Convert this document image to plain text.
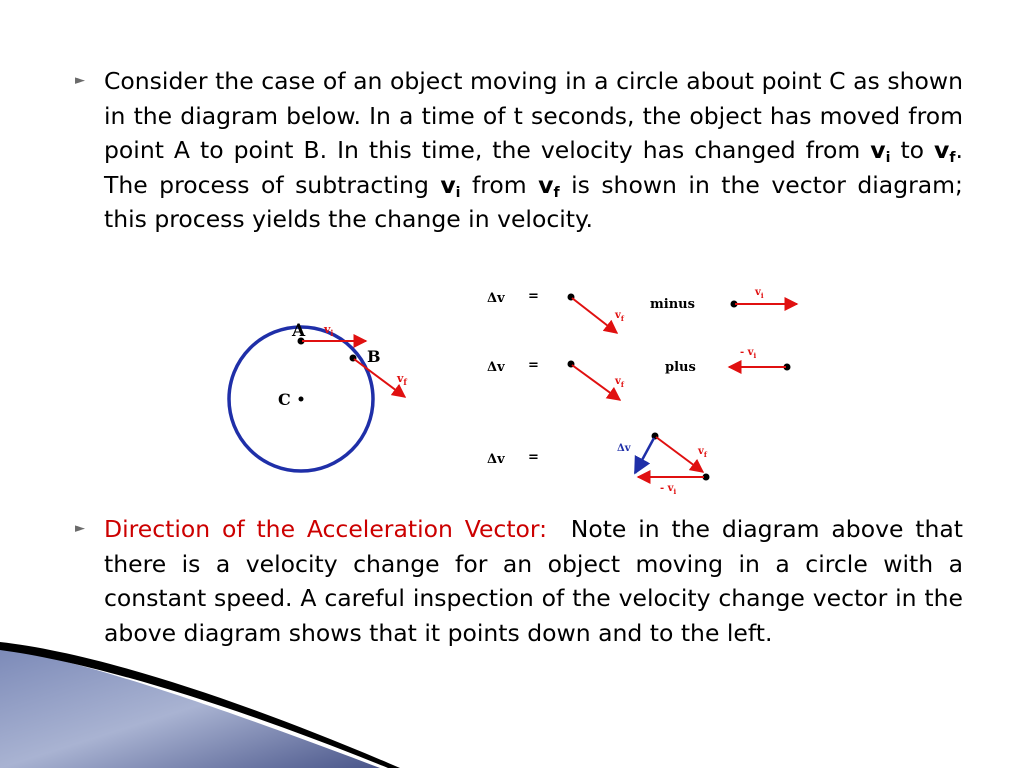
► Consider the case of an object moving in a circle about point C as shown in the diagram below. In a time of t seconds, the object has moved from point A to point B. In this time, the velocity has changed from $v_i$ to $v_f$. The process of subtracting $v_i$ from $v_f$ is shown in the vector diagram; this process yields the change in velocity.
A
B
C
$v_i$
$v_f$
Δv =
$v_f$
minus
$v_i$
Δv =
$v_f$
plus
- $v_i$
Δv =	$v_f$
- $v_i$
Δv
► Direction of the Acceleration Vector: Note in the diagram above that there is a velocity change for an object moving in a circle with a constant speed. A careful inspection of the velocity change vector in the above diagram shows that it points down and to the left.
